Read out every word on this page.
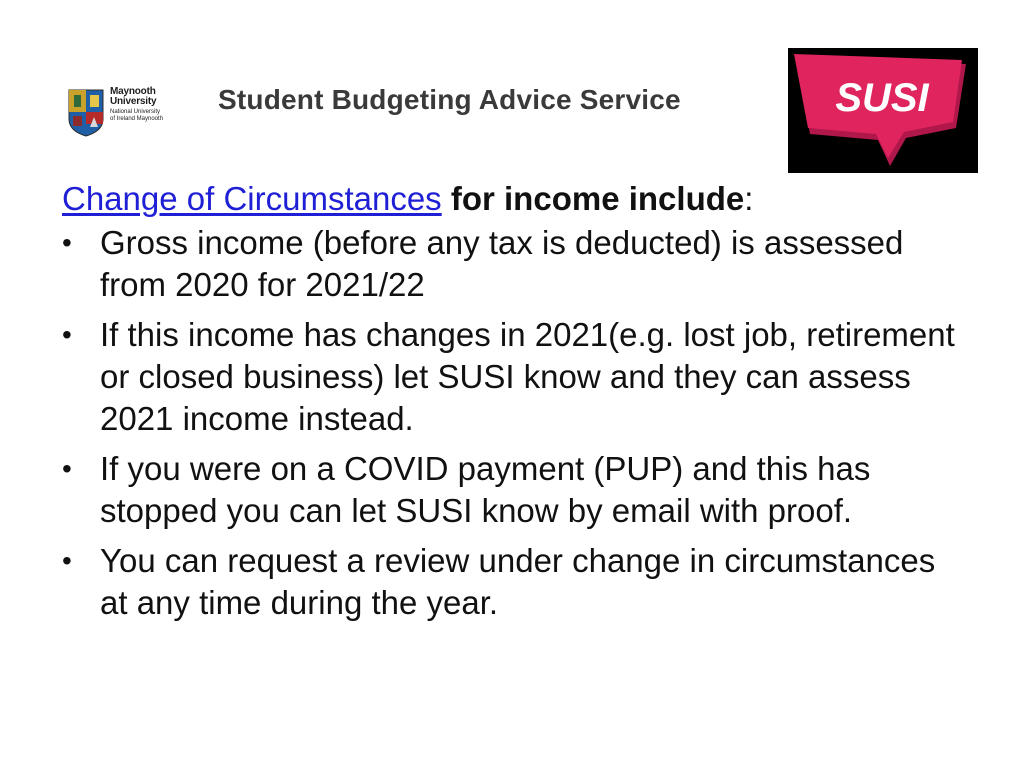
Maynooth
University
National University
of Ireland Maynooth
Student Budgeting Advice Service	SUSI

Change of Circumstances for income include:

• Gross income (before any tax is deducted) is assessed from 2020 for 2021/22
• If this income has changes in 2021(e.g. lost job, retirement or closed business) let SUSI know and they can assess 2021 income instead.
• If you were on a COVID payment (PUP) and this has stopped you can let SUSI know by email with proof.
• You can request a review under change in circumstances at any time during the year.
